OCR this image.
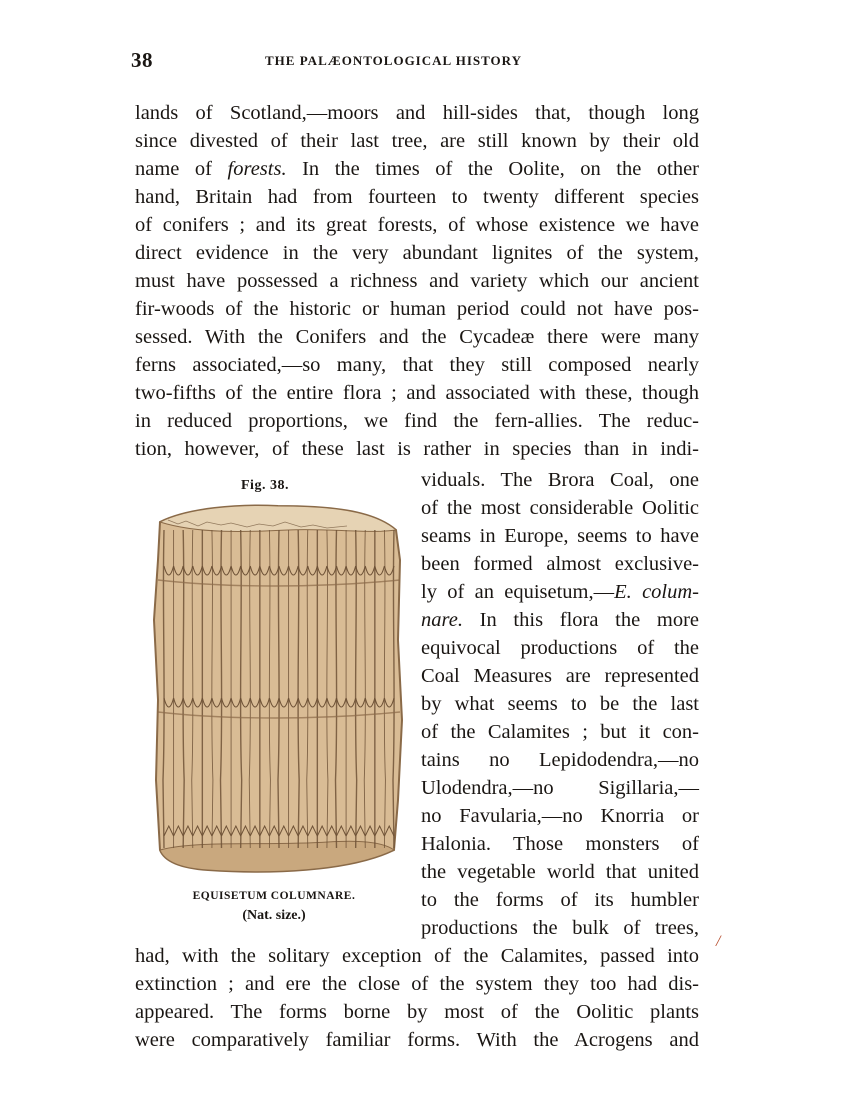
38	THE PALÆONTOLOGICAL HISTORY
lands of Scotland,—moors and hill-sides that, though long
since divested of their last tree, are still known by their old
name of forests. In the times of the Oolite, on the other
hand, Britain had from fourteen to twenty different species
of conifers ; and its great forests, of whose existence we have
direct evidence in the very abundant lignites of the system,
must have possessed a richness and variety which our ancient
fir-woods of the historic or human period could not have pos-
sessed. With the Conifers and the Cycadeæ there were many
ferns associated,—so many, that they still composed nearly
two-fifths of the entire flora ; and associated with these, though
in reduced proportions, we find the fern-allies. The reduc-
tion, however, of these last is rather in species than in indi-
viduals. The Brora Coal, one
of the most considerable Oolitic
seams in Europe, seems to have
been formed almost exclusive-
ly of an equisetum,—E. colum-
nare. In this flora the more
equivocal productions of the
Coal Measures are represented
by what seems to be the last
of the Calamites ; but it con-
tains no Lepidodendra,—no
Ulodendra,—no Sigillaria,—
no Favularia,—no Knorria or
Halonia. Those monsters of
the vegetable world that united
to the forms of its humbler
productions the bulk of trees,
had, with the solitary exception of the Calamites, passed into
extinction ; and ere the close of the system they too had dis-
appeared. The forms borne by most of the Oolitic plants
were comparatively familiar forms. With the Acrogens and
Fig. 38.
EQUISETUM COLUMNARE.
(Nat. size.)
/
